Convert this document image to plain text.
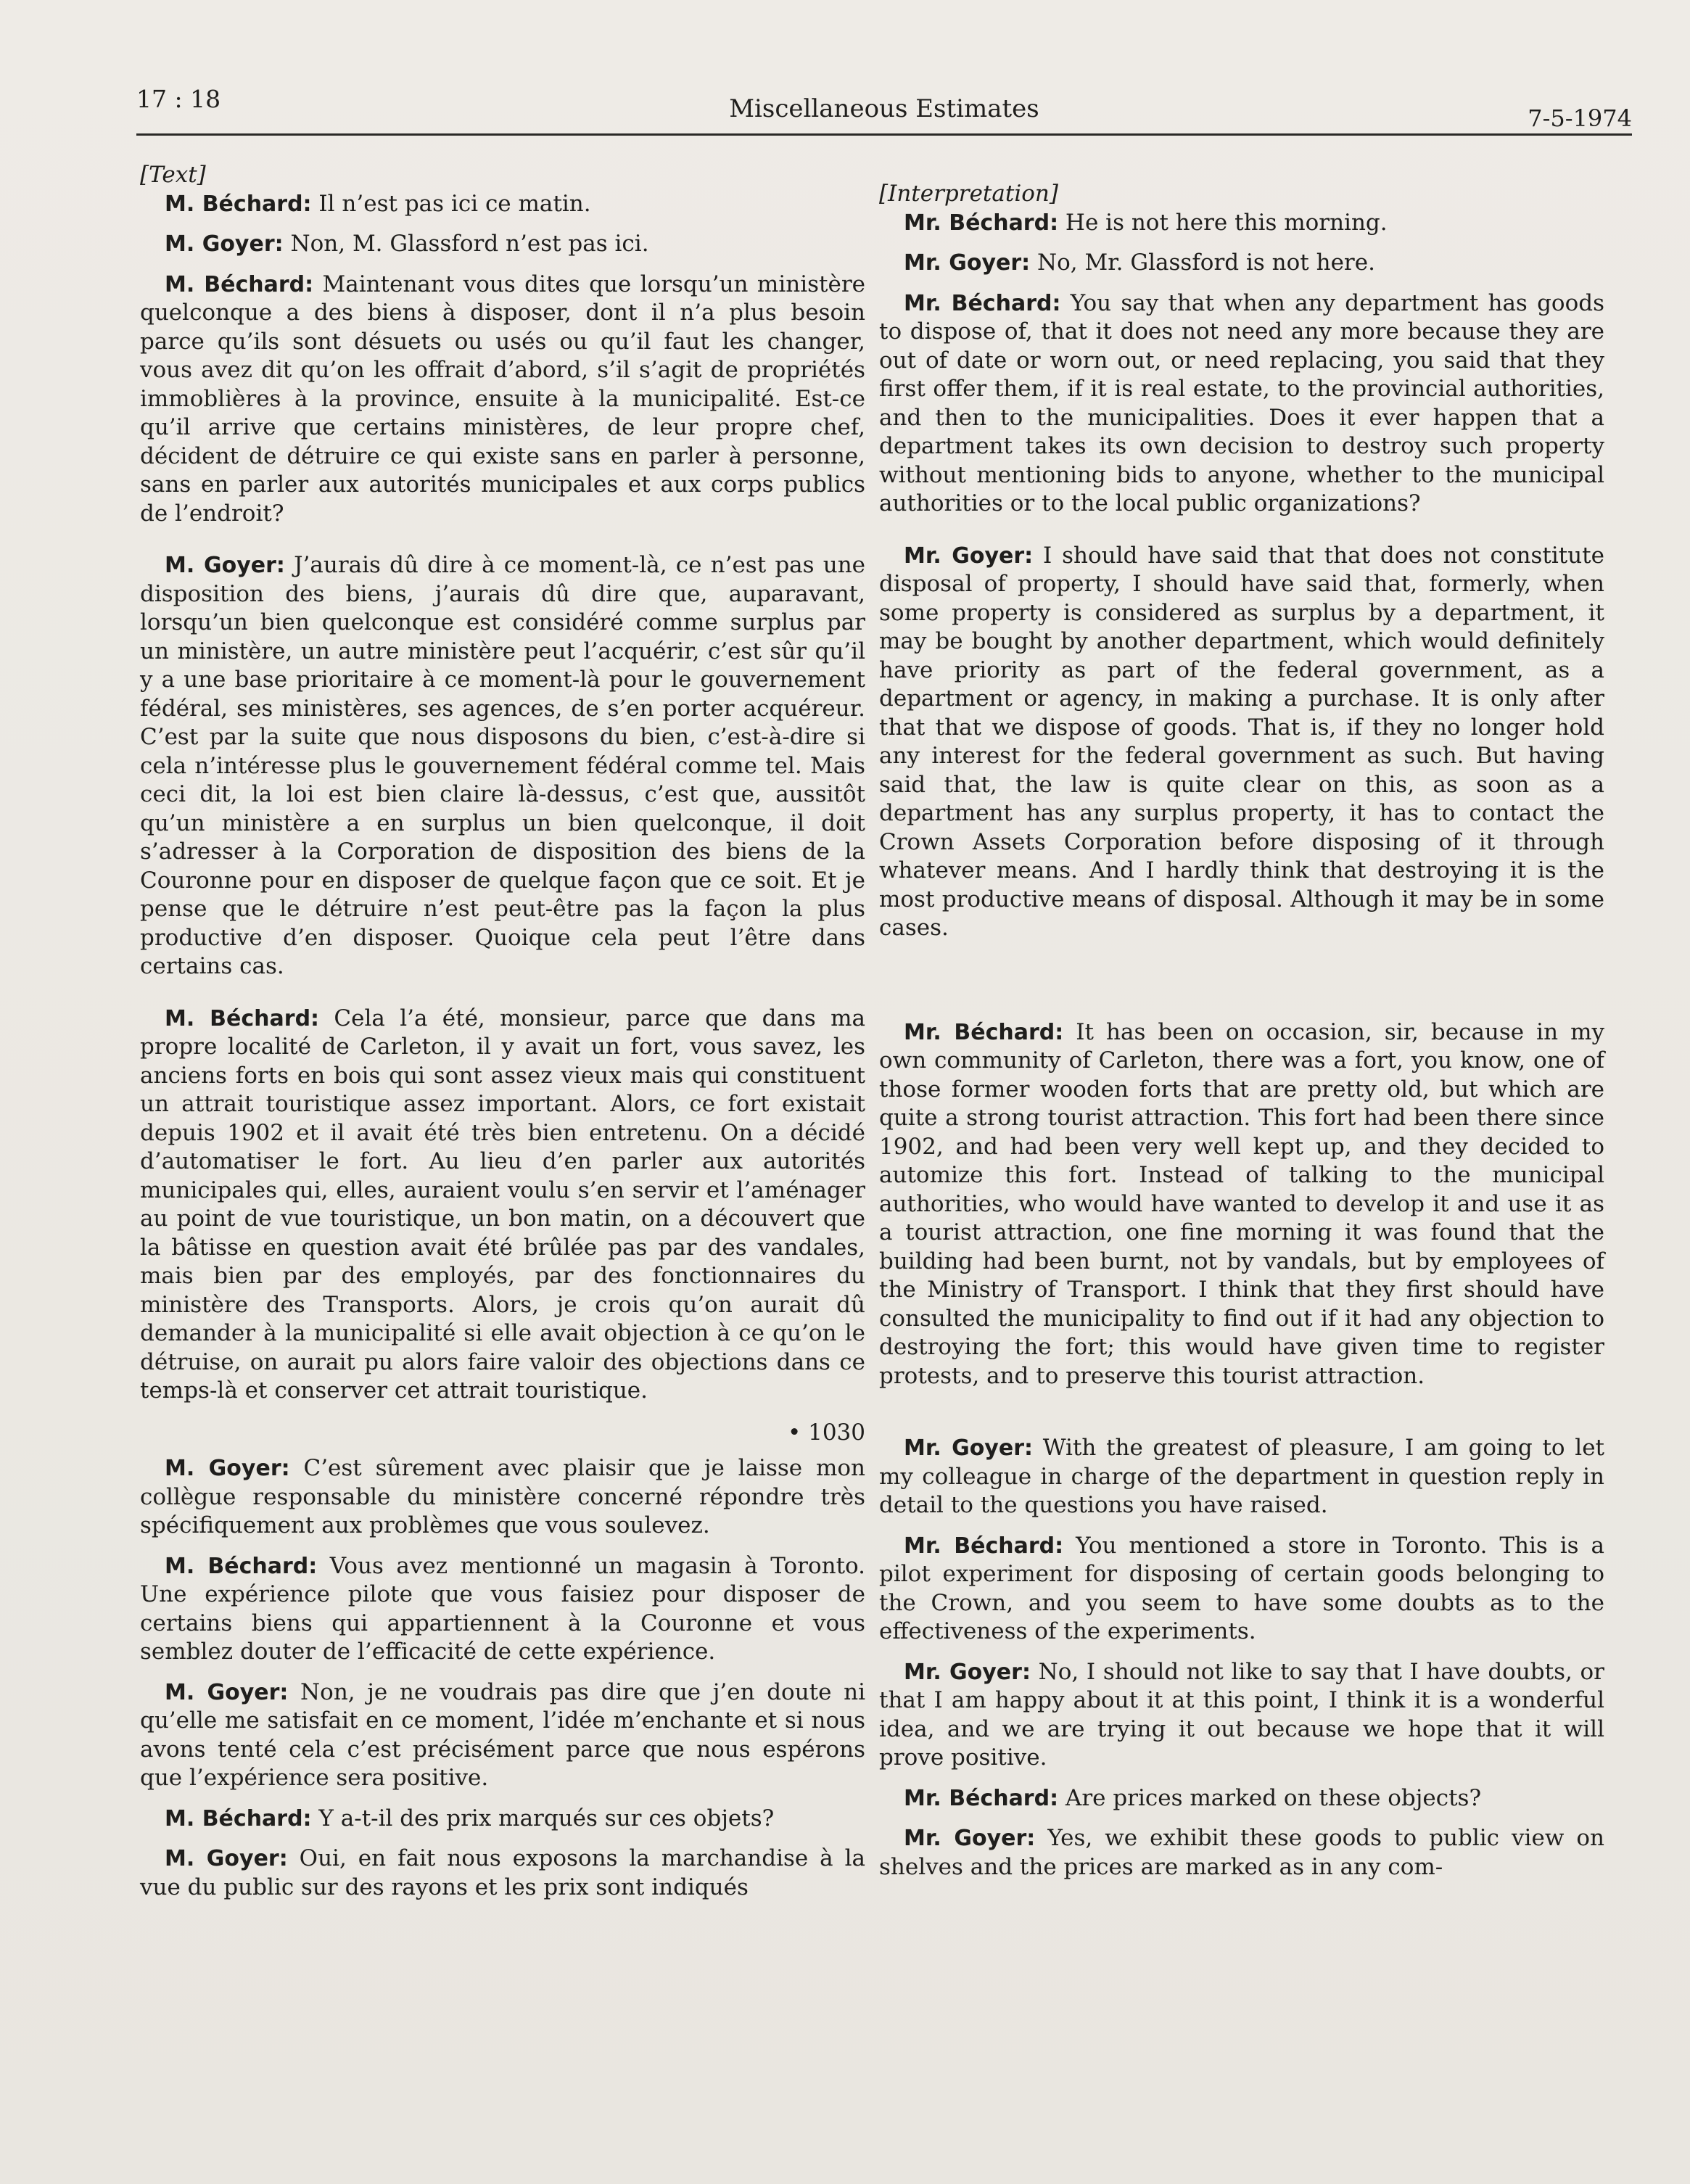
17 : 18	Miscellaneous Estimates	7-5-1974
[Text]
M. Béchard: Il n’est pas ici ce matin.
M. Goyer: Non, M. Glassford n’est pas ici.
M. Béchard: Maintenant vous dites que lorsqu’un ministère quelconque a des biens à disposer, dont il n’a plus besoin parce qu’ils sont désuets ou usés ou qu’il faut les changer, vous avez dit qu’on les offrait d’abord, s’il s’agit de propriétés immoblières à la province, ensuite à la municipalité. Est-ce qu’il arrive que certains ministères, de leur propre chef, décident de détruire ce qui existe sans en parler à personne, sans en parler aux autorités municipales et aux corps publics de l’endroit?
M. Goyer: J’aurais dû dire à ce moment-là, ce n’est pas une disposition des biens, j’aurais dû dire que, auparavant, lorsqu’un bien quelconque est considéré comme surplus par un ministère, un autre ministère peut l’acquérir, c’est sûr qu’il y a une base prioritaire à ce moment-là pour le gouvernement fédéral, ses ministères, ses agences, de s’en porter acquéreur. C’est par la suite que nous disposons du bien, c’est-à-dire si cela n’intéresse plus le gouvernement fédéral comme tel. Mais ceci dit, la loi est bien claire là-dessus, c’est que, aussitôt qu’un ministère a en surplus un bien quelconque, il doit s’adresser à la Corporation de disposition des biens de la Couronne pour en disposer de quelque façon que ce soit. Et je pense que le détruire n’est peut-être pas la façon la plus productive d’en disposer. Quoique cela peut l’être dans certains cas.
M. Béchard: Cela l’a été, monsieur, parce que dans ma propre localité de Carleton, il y avait un fort, vous savez, les anciens forts en bois qui sont assez vieux mais qui constituent un attrait touristique assez important. Alors, ce fort existait depuis 1902 et il avait été très bien entretenu. On a décidé d’automatiser le fort. Au lieu d’en parler aux autorités municipales qui, elles, auraient voulu s’en servir et l’aménager au point de vue touristique, un bon matin, on a découvert que la bâtisse en question avait été brûlée pas par des vandales, mais bien par des employés, par des fonctionnaires du ministère des Transports. Alors, je crois qu’on aurait dû demander à la municipalité si elle avait objection à ce qu’on le détruise, on aurait pu alors faire valoir des objections dans ce temps-là et conserver cet attrait touristique.
• 1030
M. Goyer: C’est sûrement avec plaisir que je laisse mon collègue responsable du ministère concerné répondre très spécifiquement aux problèmes que vous soulevez.
M. Béchard: Vous avez mentionné un magasin à Toronto. Une expérience pilote que vous faisiez pour disposer de certains biens qui appartiennent à la Couronne et vous semblez douter de l’efficacité de cette expérience.
M. Goyer: Non, je ne voudrais pas dire que j’en doute ni qu’elle me satisfait en ce moment, l’idée m’enchante et si nous avons tenté cela c’est précisément parce que nous espérons que l’expérience sera positive.
M. Béchard: Y a-t-il des prix marqués sur ces objets?
M. Goyer: Oui, en fait nous exposons la marchandise à la vue du public sur des rayons et les prix sont indiqués
[Interpretation]
Mr. Béchard: He is not here this morning.
Mr. Goyer: No, Mr. Glassford is not here.
Mr. Béchard: You say that when any department has goods to dispose of, that it does not need any more because they are out of date or worn out, or need replacing, you said that they first offer them, if it is real estate, to the provincial authorities, and then to the municipalities. Does it ever happen that a department takes its own decision to destroy such property without mentioning bids to anyone, whether to the municipal authorities or to the local public organizations?
Mr. Goyer: I should have said that that does not constitute disposal of property, I should have said that, formerly, when some property is considered as surplus by a department, it may be bought by another department, which would definitely have priority as part of the federal government, as a department or agency, in making a purchase. It is only after that that we dispose of goods. That is, if they no longer hold any interest for the federal government as such. But having said that, the law is quite clear on this, as soon as a department has any surplus property, it has to contact the Crown Assets Corporation before disposing of it through whatever means. And I hardly think that destroying it is the most productive means of disposal. Although it may be in some cases.
Mr. Béchard: It has been on occasion, sir, because in my own community of Carleton, there was a fort, you know, one of those former wooden forts that are pretty old, but which are quite a strong tourist attraction. This fort had been there since 1902, and had been very well kept up, and they decided to automize this fort. Instead of talking to the municipal authorities, who would have wanted to develop it and use it as a tourist attraction, one fine morning it was found that the building had been burnt, not by vandals, but by employees of the Ministry of Transport. I think that they first should have consulted the municipality to find out if it had any objection to destroying the fort; this would have given time to register protests, and to preserve this tourist attraction.
Mr. Goyer: With the greatest of pleasure, I am going to let my colleague in charge of the department in question reply in detail to the questions you have raised.
Mr. Béchard: You mentioned a store in Toronto. This is a pilot experiment for disposing of certain goods belonging to the Crown, and you seem to have some doubts as to the effectiveness of the experiments.
Mr. Goyer: No, I should not like to say that I have doubts, or that I am happy about it at this point, I think it is a wonderful idea, and we are trying it out because we hope that it will prove positive.
Mr. Béchard: Are prices marked on these objects?
Mr. Goyer: Yes, we exhibit these goods to public view on shelves and the prices are marked as in any com-
